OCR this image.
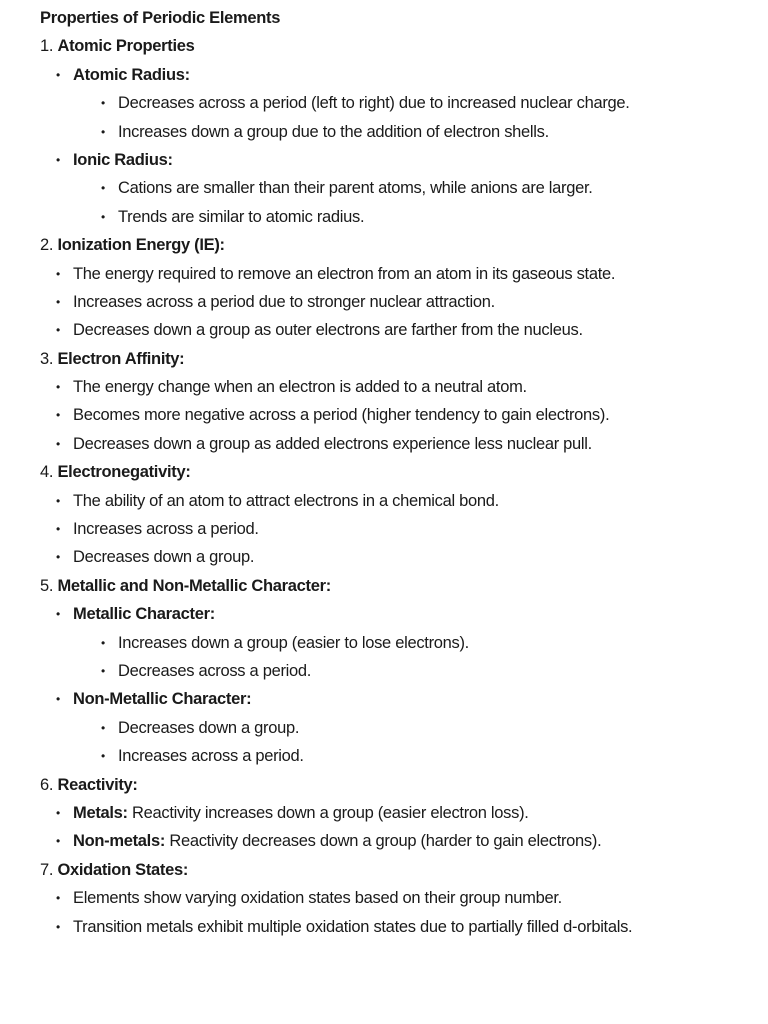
Properties of Periodic Elements
1. Atomic Properties
• Atomic Radius:
• Decreases across a period (left to right) due to increased nuclear charge.
• Increases down a group due to the addition of electron shells.
• Ionic Radius:
• Cations are smaller than their parent atoms, while anions are larger.
• Trends are similar to atomic radius.
2. Ionization Energy (IE):
• The energy required to remove an electron from an atom in its gaseous state.
• Increases across a period due to stronger nuclear attraction.
• Decreases down a group as outer electrons are farther from the nucleus.
3. Electron Affinity:
• The energy change when an electron is added to a neutral atom.
• Becomes more negative across a period (higher tendency to gain electrons).
• Decreases down a group as added electrons experience less nuclear pull.
4. Electronegativity:
• The ability of an atom to attract electrons in a chemical bond.
• Increases across a period.
• Decreases down a group.
5. Metallic and Non-Metallic Character:
• Metallic Character:
• Increases down a group (easier to lose electrons).
• Decreases across a period.
• Non-Metallic Character:
• Decreases down a group.
• Increases across a period.
6. Reactivity:
• Metals: Reactivity increases down a group (easier electron loss).
• Non-metals: Reactivity decreases down a group (harder to gain electrons).
7. Oxidation States:
• Elements show varying oxidation states based on their group number.
• Transition metals exhibit multiple oxidation states due to partially filled d-orbitals.
